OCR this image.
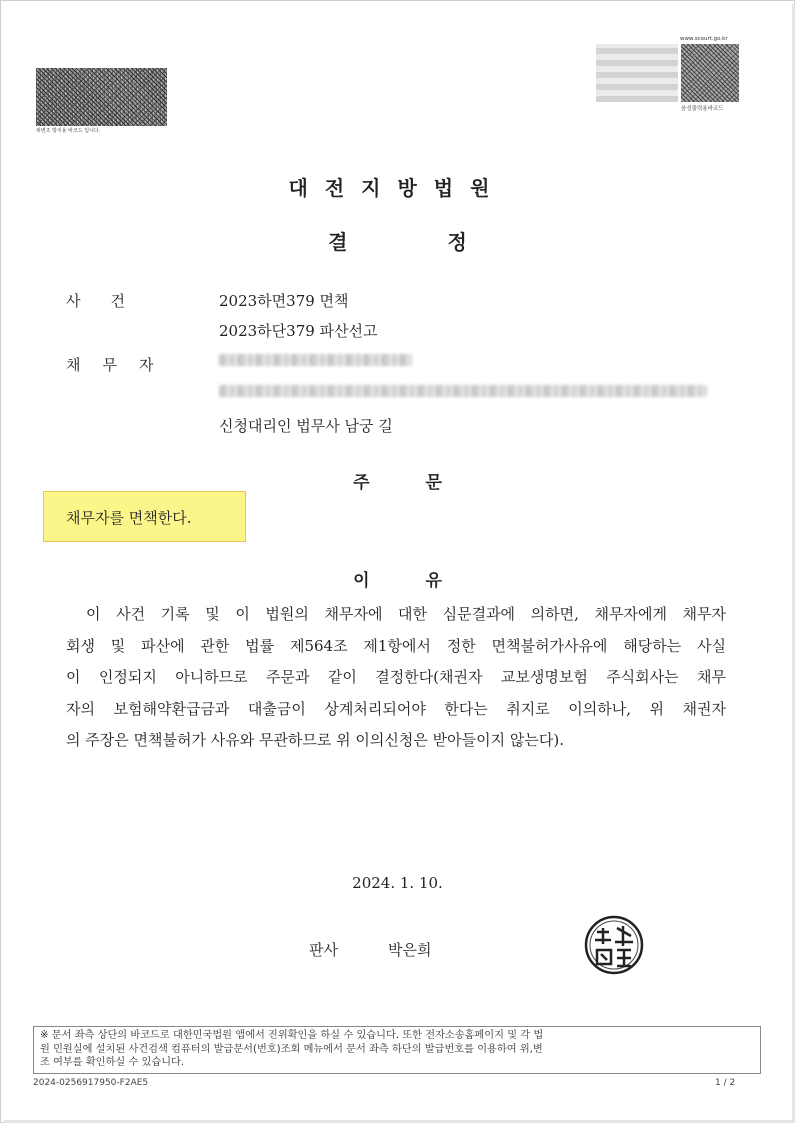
위변조 방지용 바코드 입니다.
www.scourt.go.kr
음성출력용바코드
대전지방법원
결정
사건	2023하면379 면책
2023하단379 파산선고
채무자
신청대리인 법무사 남궁 길
주문
채무자를 면책한다.
이유

이 사건 기록 및 이 법원의 채무자에 대한 심문결과에 의하면, 채무자에게 채무자
회생 및 파산에 관한 법률 제564조 제1항에서 정한 면책불허가사유에 해당하는 사실
이 인정되지 아니하므로 주문과 같이 결정한다(채권자 교보생명보험 주식회사는 채무
자의 보험해약환급금과 대출금이 상계처리되어야 한다는 취지로 이의하나, 위 채권자
의 주장은 면책불허가 사유와 무관하므로 위 이의신청은 받아들이지 않는다).

2024. 1. 10.
판사	박은희
※ 문서 좌측 상단의 바코드로 대한민국법원 앱에서 진위확인을 하실 수 있습니다. 또한 전자소송홈페이지 및 각 법
원 민원실에 설치된 사건검색 컴퓨터의 발급문서(번호)조회 메뉴에서 문서 좌측 하단의 발급번호를 이용하여 위,변
조 여부를 확인하실 수 있습니다.
2024-0256917950-F2AE5	1 / 2
